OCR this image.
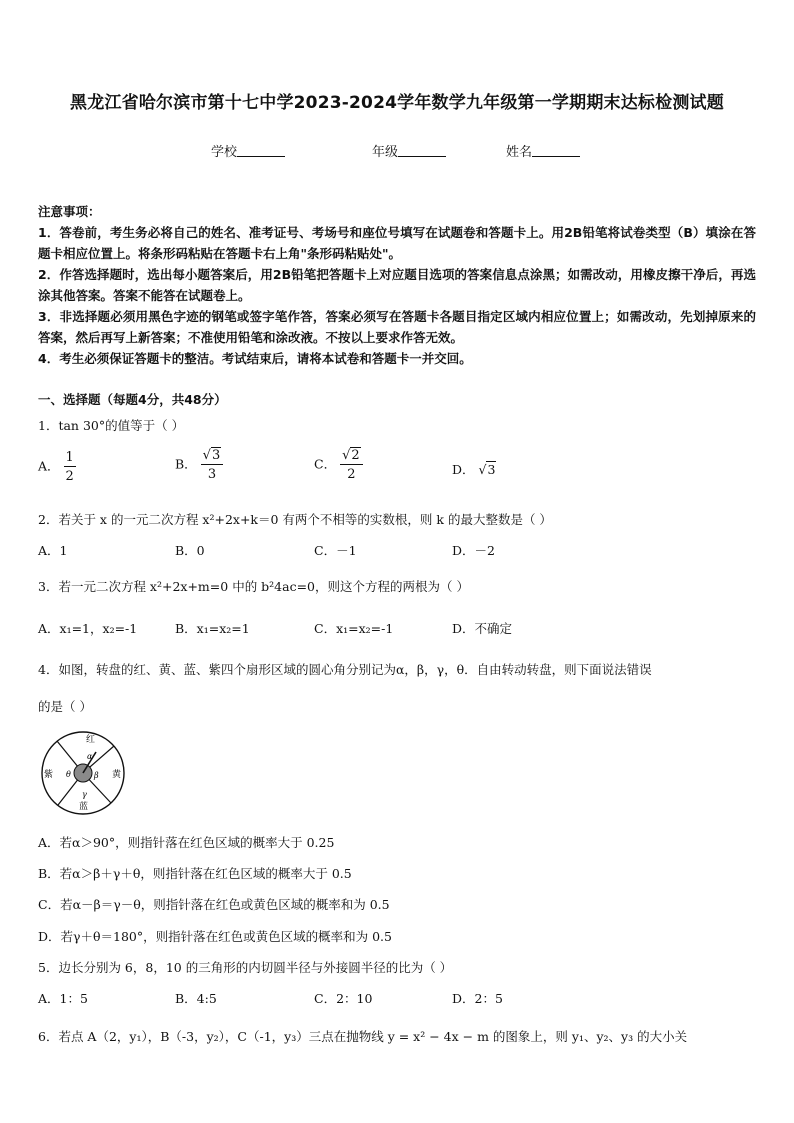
黑龙江省哈尔滨市第十七中学2023-2024学年数学九年级第一学期期末达标检测试题
学校	年级	姓名

注意事项：

1．答卷前，考生务必将自己的姓名、准考证号、考场号和座位号填写在试题卷和答题卡上。用2B铅笔将试卷类型（B）填涂在答题卡相应位置上。将条形码粘贴在答题卡右上角"条形码粘贴处"。

2．作答选择题时，选出每小题答案后，用2B铅笔把答题卡上对应题目选项的答案信息点涂黑；如需改动，用橡皮擦干净后，再选涂其他答案。答案不能答在试题卷上。

3．非选择题必须用黑色字迹的钢笔或签字笔作答，答案必须写在答题卡各题目指定区域内相应位置上；如需改动，先划掉原来的答案，然后再写上新答案；不准使用铅笔和涂改液。不按以上要求作答无效。

4．考生必须保证答题卡的整洁。考试结束后，请将本试卷和答题卡一并交回。

一、选择题（每题4分，共48分）
1．tan 30°的值等于（ ）
A． $\frac{1}{2}$	B． $\frac{√3}{3}$	C． $\frac{√2}{2}$	D． √3
2．若关于 x 的一元二次方程 x²+2x+k＝0 有两个不相等的实数根，则 k 的最大整数是（ ）
A．1	B．0	C．－1	D．－2
3．若一元二次方程 x²+2x+m=0 中的 b²4ac=0，则这个方程的两根为（ ）
A．x₁=1，x₂=-1	B．x₁=x₂=1	C．x₁=x₂=-1	D．不确定
4．如图，转盘的红、黄、蓝、紫四个扇形区域的圆心角分别记为α，β，γ，θ．自由转动转盘，则下面说法错误
的是（ ）
红
黄
蓝
紫
α
β
γ
θ
A．若α＞90°，则指针落在红色区域的概率大于 0.25
B．若α＞β＋γ＋θ，则指针落在红色区域的概率大于 0.5
C．若α－β＝γ－θ，则指针落在红色或黄色区域的概率和为 0.5
D．若γ＋θ＝180°，则指针落在红色或黄色区域的概率和为 0.5
5．边长分别为 6，8，10 的三角形的内切圆半径与外接圆半径的比为（ ）
A．1：5	B．4:5	C．2：10	D．2：5
6．若点 A（2，y₁），B（-3，y₂），C（-1，y₃）三点在抛物线 y = x² − 4x − m 的图象上，则 y₁、y₂、y₃ 的大小关
